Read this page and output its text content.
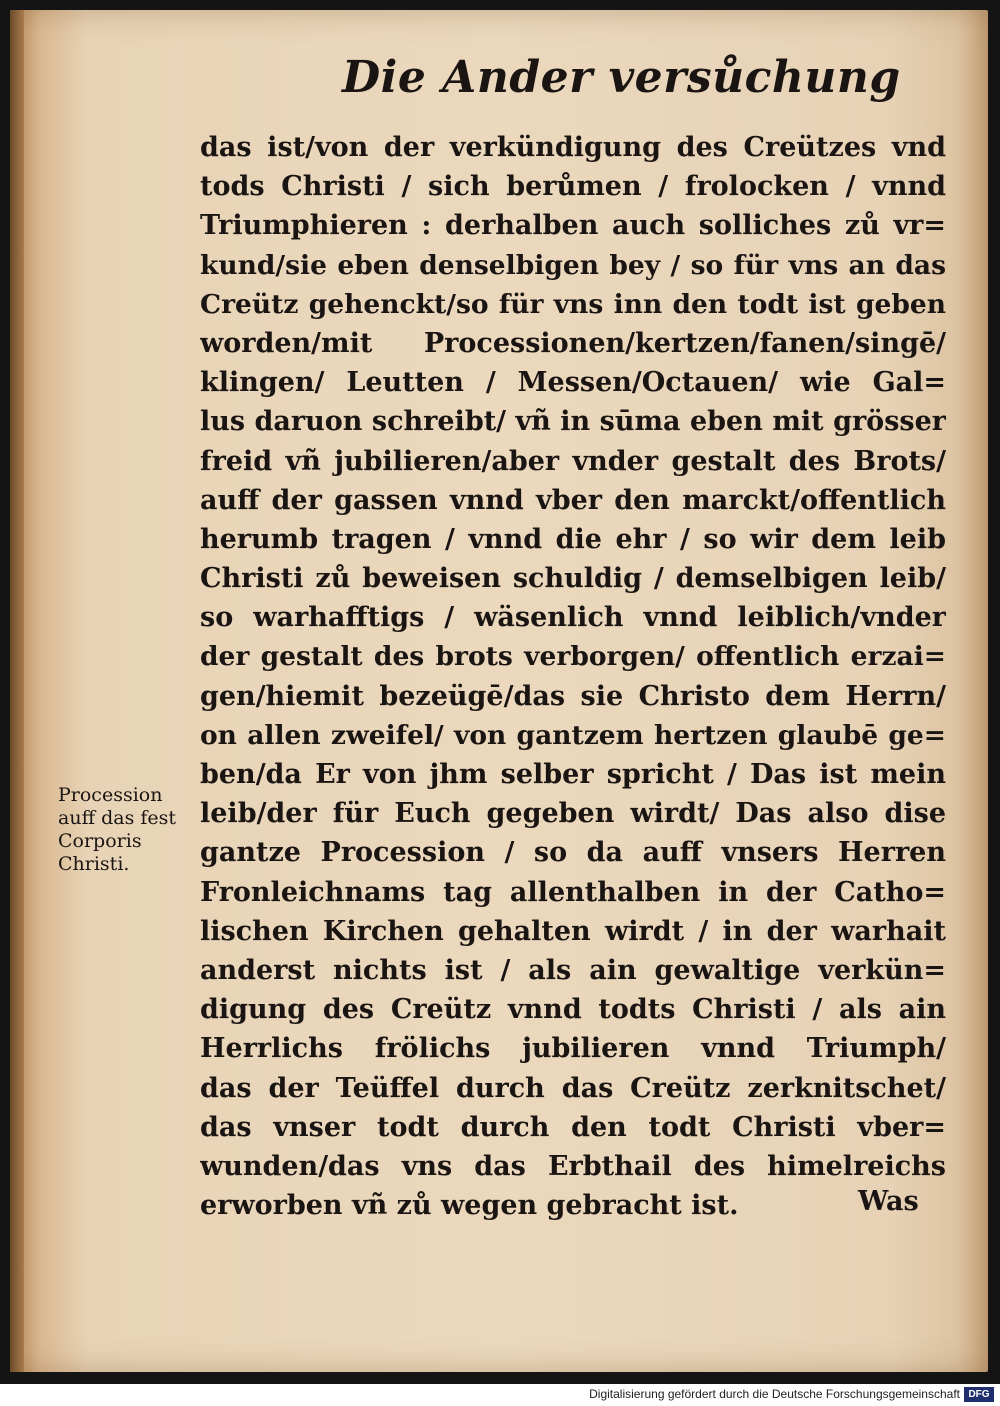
Die Ander versůchung
Procession
auff das fest
Corporis
Christi.
das ist/von der verkündigung des Creützes vnd
tods Christi / sich berůmen / frolocken / vnnd
Triumphieren : derhalben auch solliches zů vr=
kund/sie eben denselbigen bey / so für vns an das
Creütz gehenckt/so für vns inn den todt ist geben
worden/mit Processionen/kertzen/fanen/singē/
klingen/ Leutten / Messen/Octauen/ wie Gal=
lus daruon schreibt/ vñ in sūma eben mit grösser
freid vñ jubilieren/aber vnder gestalt des Brots/
auff der gassen vnnd vber den marckt/offentlich
herumb tragen / vnnd die ehr / so wir dem leib
Christi zů beweisen schuldig / demselbigen leib/
so warhafftigs / wäsenlich vnnd leiblich/vnder
der gestalt des brots verborgen/ offentlich erzai=
gen/hiemit bezeügē/das sie Christo dem Herrn/
on allen zweifel/ von gantzem hertzen glaubē ge=
ben/da Er von jhm selber spricht / Das ist mein
leib/der für Euch gegeben wirdt/ Das also dise
gantze Procession / so da auff vnsers Herren
Fronleichnams tag allenthalben in der Catho=
lischen Kirchen gehalten wirdt / in der warhait
anderst nichts ist / als ain gewaltige verkün=
digung des Creütz vnnd todts Christi / als ain
Herrlichs frölichs jubilieren vnnd Triumph/
das der Teüffel durch das Creütz zerknitschet/
das vnser todt durch den todt Christi vber=
wunden/das vns das Erbthail des himelreichs
erworben vñ zů wegen gebracht ist.	Was
Digitalisierung gefördert durch die Deutsche Forschungsgemeinschaft DFG
